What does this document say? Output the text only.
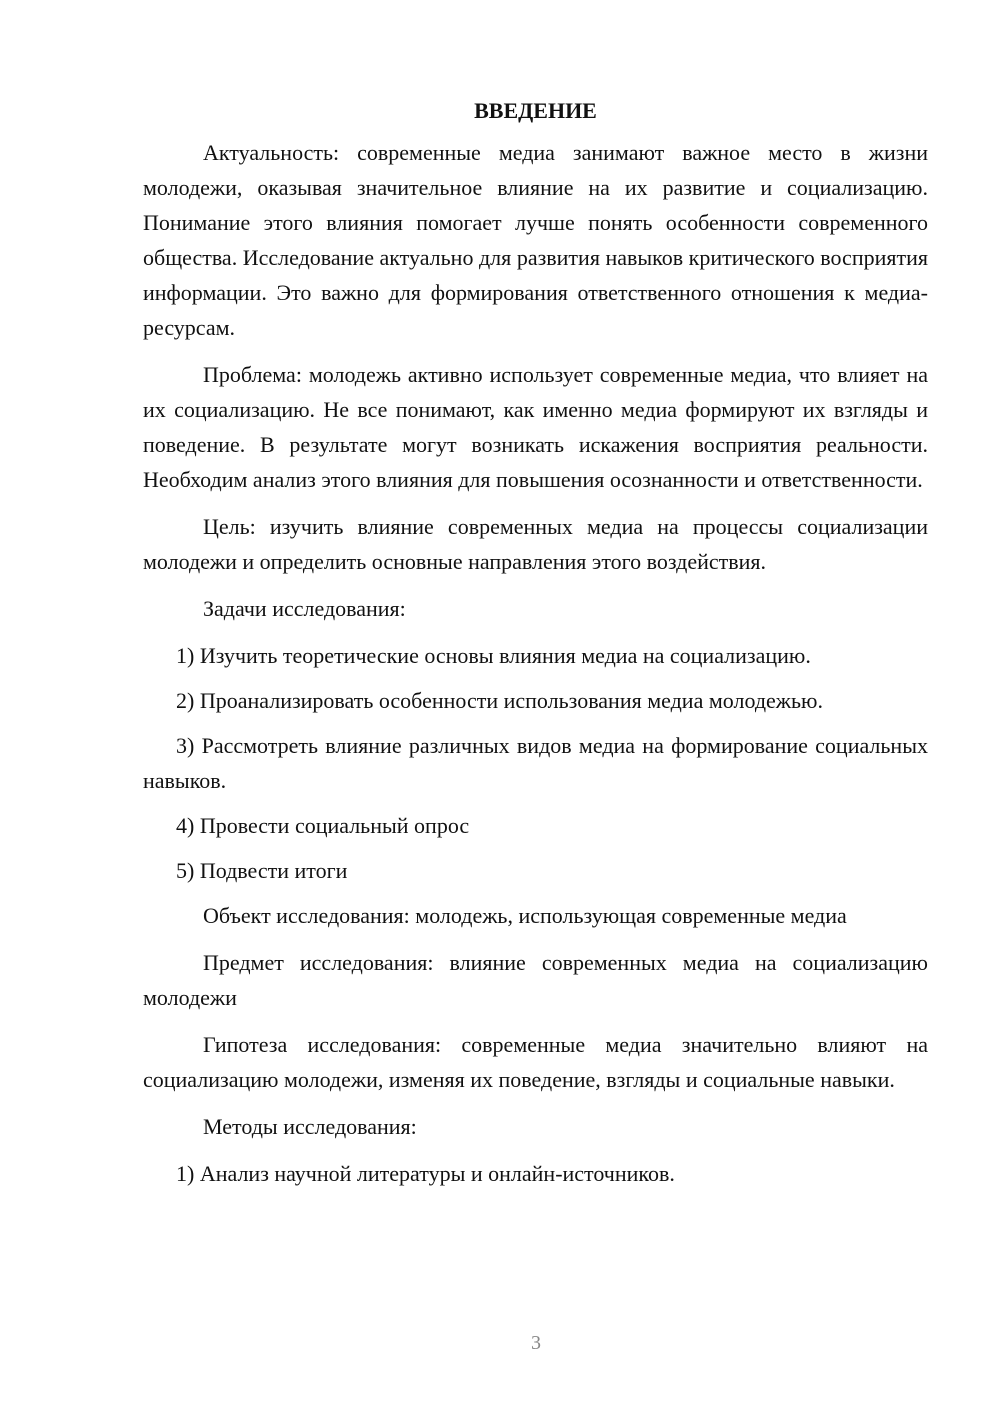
ВВЕДЕНИЕ

Актуальность: современные медиа занимают важное место в жизни молодежи, оказывая значительное влияние на их развитие и социализацию. Понимание этого влияния помогает лучше понять особенности современного общества. Исследование актуально для развития навыков критического восприятия информации. Это важно для формирования ответственного отношения к медиа-ресурсам.

Проблема: молодежь активно использует современные медиа, что влияет на их социализацию. Не все понимают, как именно медиа формируют их взгляды и поведение. В результате могут возникать искажения восприятия реальности. Необходим анализ этого влияния для повышения осознанности и ответственности.

Цель: изучить влияние современных медиа на процессы социализации молодежи и определить основные направления этого воздействия.

Задачи исследования:

1) Изучить теоретические основы влияния медиа на социализацию.

2) Проанализировать особенности использования медиа молодежью.

3) Рассмотреть влияние различных видов медиа на формирование социальных навыков.

4) Провести социальный опрос

5) Подвести итоги

Объект исследования: молодежь, использующая современные медиа

Предмет исследования: влияние современных медиа на социализацию молодежи

Гипотеза исследования: современные медиа значительно влияют на социализацию молодежи, изменяя их поведение, взгляды и социальные навыки.

Методы исследования:

1) Анализ научной литературы и онлайн-источников.

3
